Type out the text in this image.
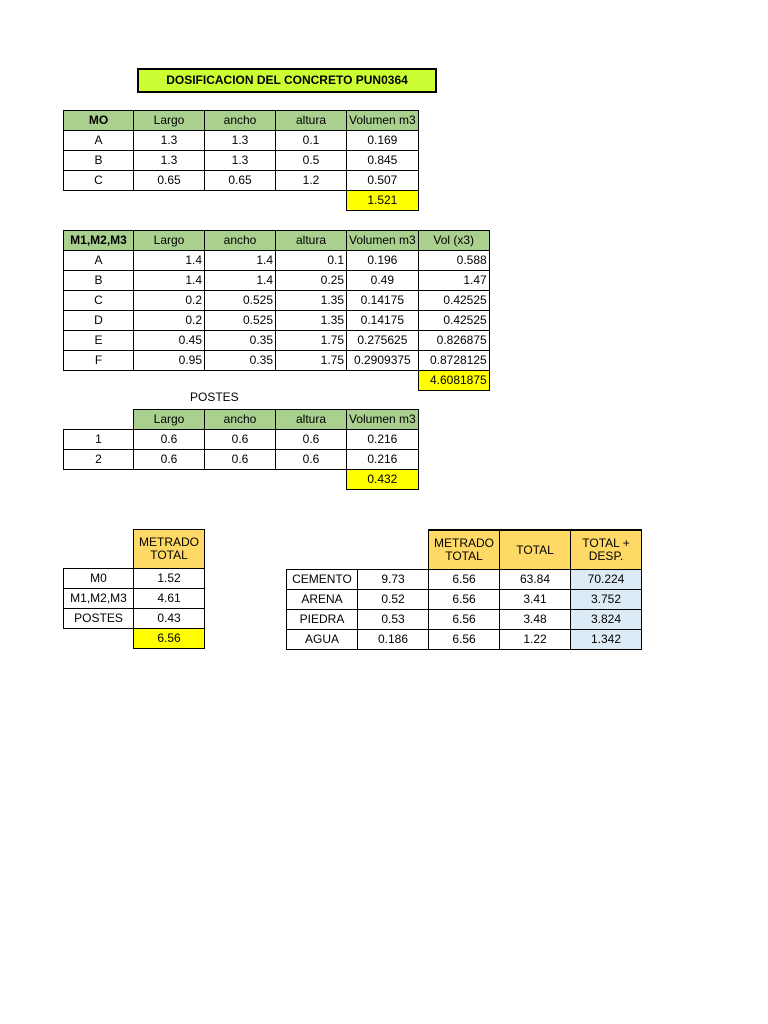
DOSIFICACION DEL CONCRETO PUN0364
MO	Largo	ancho	altura	Volumen m3
A	1.3	1.3	0.1	0.169
B	1.3	1.3	0.5	0.845
C	0.65	0.65	1.2	0.507
				1.521
M1,M2,M3	Largo	ancho	altura	Volumen m3	Vol (x3)
A	1.4	1.4	0.1	0.196	0.588
B	1.4	1.4	0.25	0.49	1.47
C	0.2	0.525	1.35	0.14175	0.42525
D	0.2	0.525	1.35	0.14175	0.42525
E	0.45	0.35	1.75	0.275625	0.826875
F	0.95	0.35	1.75	0.2909375	0.8728125
					4.6081875
POSTES
	Largo	ancho	altura	Volumen m3
1	0.6	0.6	0.6	0.216
2	0.6	0.6	0.6	0.216
				0.432
	METRADO TOTAL
M0	1.52
M1,M2,M3	4.61
POSTES	0.43
	6.56
		METRADO TOTAL	TOTAL	TOTAL + DESP.
CEMENTO	9.73	6.56	63.84	70.224
ARENA	0.52	6.56	3.41	3.752
PIEDRA	0.53	6.56	3.48	3.824
AGUA	0.186	6.56	1.22	1.342
